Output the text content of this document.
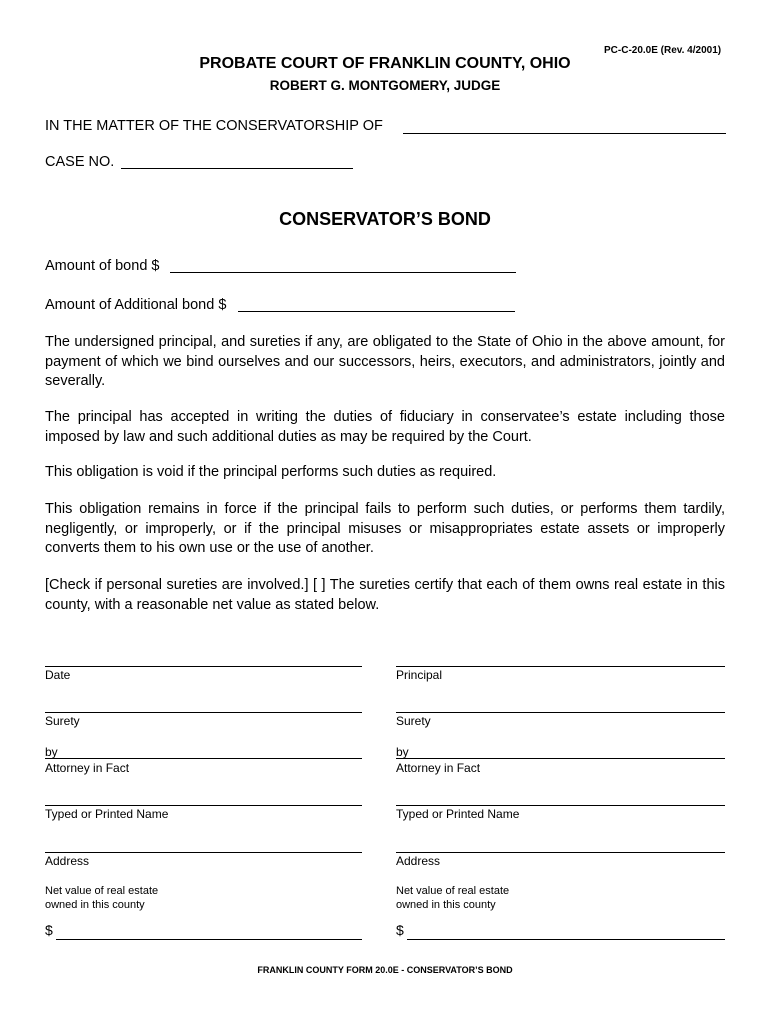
PC-C-20.0E (Rev. 4/2001)
PROBATE COURT OF FRANKLIN COUNTY, OHIO
ROBERT G. MONTGOMERY, JUDGE
IN THE MATTER OF THE CONSERVATORSHIP OF
CASE NO.
CONSERVATOR’S BOND
Amount of bond $
Amount of Additional bond $
The undersigned principal, and sureties if any, are obligated to the State of Ohio in the above amount, for payment of which we bind ourselves and our successors, heirs, executors, and administrators, jointly and severally.
The principal has accepted in writing the duties of fiduciary in conservatee’s estate including those imposed by law and such additional duties as may be required by the Court.
This obligation is void if the principal performs such duties as required.
This obligation remains in force if the principal fails to perform such duties, or performs them tardily, negligently, or improperly, or if the principal misuses or misappropriates estate assets or improperly converts them to his own use or the use of another.
[Check if personal sureties are involved.] [ ] The sureties certify that each of them owns real estate in this county, with a reasonable net value as stated below.
Date
Surety
by
Attorney in Fact
Typed or Printed Name
Address
Net value of real estate
owned in this county
$
Principal
Surety
by
Attorney in Fact
Typed or Printed Name
Address
Net value of real estate
owned in this county
$
FRANKLIN COUNTY FORM 20.0E - CONSERVATOR’S BOND
